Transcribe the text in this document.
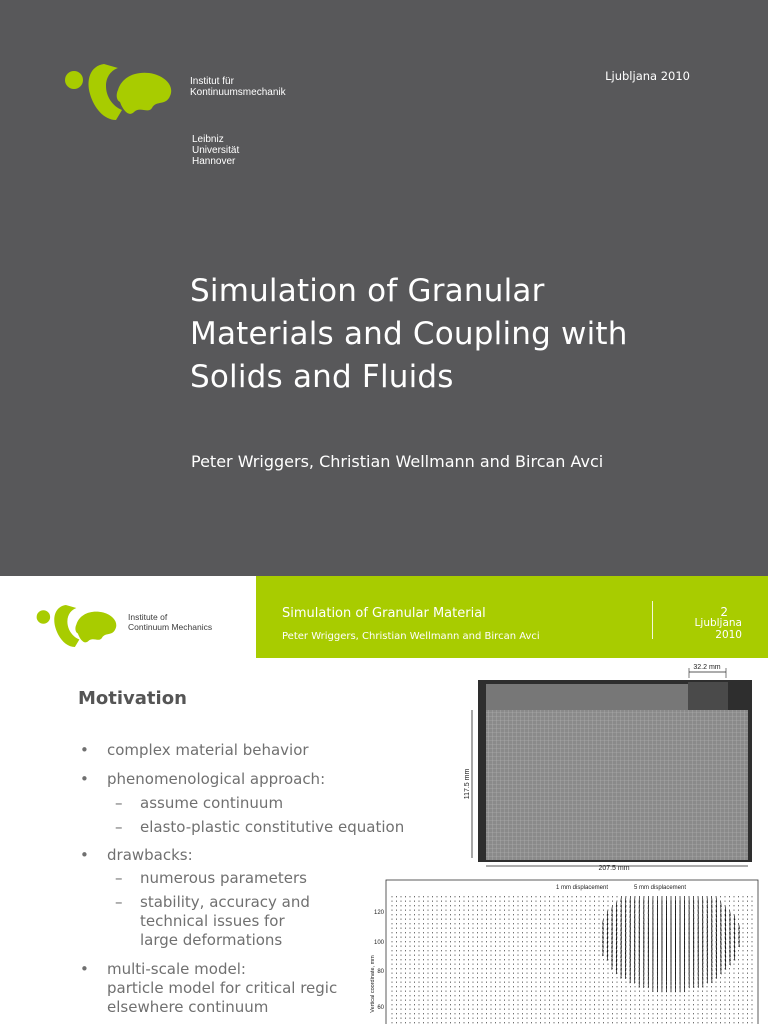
Institut für
Kontinuumsmechanik
Leibniz
Universität
Hannover
Ljubljana 2010
Simulation of Granular
Materials and Coupling with
Solids and Fluids
Peter Wriggers, Christian Wellmann and Bircan Avci
Institute of
Continuum Mechanics
Simulation of Granular Material
Peter Wriggers, Christian Wellmann and Bircan Avci
2
Ljubljana
2010
Motivation
• complex material behavior
• phenomenological approach:
– assume continuum
– elasto-plastic constitutive equation
• drawbacks:
– numerous parameters
– stability, accuracy and
technical issues for
large deformations
• multi-scale model:
particle model for critical regic
elsewhere continuum
32.2 mm
117.5 mm
207.5 mm
1 mm displacement	5 mm displacement
Vertical coordinate, mm
120
100
80
60
